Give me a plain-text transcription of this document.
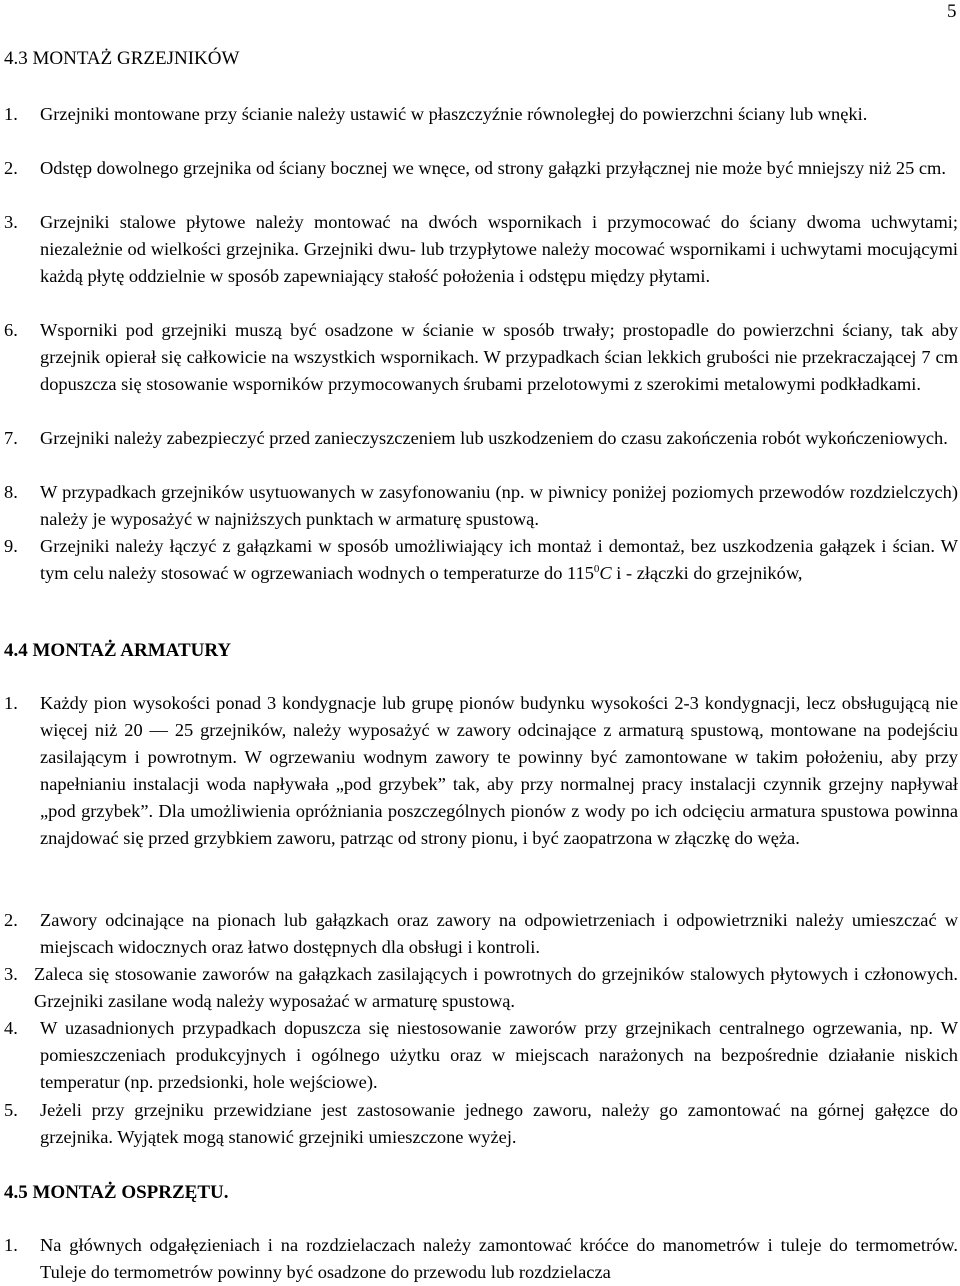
5
4.3 MONTAŻ GRZEJNIKÓW
1. Grzejniki montowane przy ścianie należy ustawić w płaszczyźnie równoległej do powierzchni ściany lub wnęki.
2. Odstęp dowolnego grzejnika od ściany bocznej we wnęce, od strony gałązki przyłącznej nie może być mniejszy niż 25 cm.
3. Grzejniki stalowe płytowe należy montować na dwóch wspornikach i przymocować do ściany dwoma uchwytami; niezależnie od wielkości grzejnika. Grzejniki dwu- lub trzypłytowe należy mocować wspornikami i uchwytami mocującymi każdą płytę oddzielnie w sposób zapewniający stałość położenia i odstępu między płytami.
6. Wsporniki pod grzejniki muszą być osadzone w ścianie w sposób trwały; prostopadle do powierzchni ściany, tak aby grzejnik opierał się całkowicie na wszystkich wspornikach. W przypadkach ścian lekkich grubości nie przekraczającej 7 cm dopuszcza się stosowanie wsporników przymocowanych śrubami przelotowymi z szerokimi metalowymi podkładkami.
7. Grzejniki należy zabezpieczyć przed zanieczyszczeniem lub uszkodzeniem do czasu zakończenia robót wykończeniowych.
8. W przypadkach grzejników usytuowanych w zasyfonowaniu (np. w piwnicy poniżej poziomych przewodów rozdzielczych) należy je wyposażyć w najniższych punktach w armaturę spustową.
9. Grzejniki należy łączyć z gałązkami w sposób umożliwiający ich montaż i demontaż, bez uszkodzenia gałązek i ścian. W tym celu należy stosować w ogrzewaniach wodnych o temperaturze do $115^0C$ i - złączki do grzejników,
4.4 MONTAŻ ARMATURY
1. Każdy pion wysokości ponad 3 kondygnacje lub grupę pionów budynku wysokości 2-3 kondygnacji, lecz obsługującą nie więcej niż 20 — 25 grzejników, należy wyposażyć w zawory odcinające z armaturą spustową, montowane na podejściu zasilającym i powrotnym. W ogrzewaniu wodnym zawory te powinny być zamontowane w takim położeniu, aby przy napełnianiu instalacji woda napływała „pod grzybek” tak, aby przy normalnej pracy instalacji czynnik grzejny napływał „pod grzybek”. Dla umożliwienia opróżniania poszczególnych pionów z wody po ich odcięciu armatura spustowa powinna znajdować się przed grzybkiem zaworu, patrząc od strony pionu, i być zaopatrzona w złączkę do węża.
2. Zawory odcinające na pionach lub gałązkach oraz zawory na odpowietrzeniach i odpowietrzniki należy umieszczać w miejscach widocznych oraz łatwo dostępnych dla obsługi i kontroli.
3. Zaleca się stosowanie zaworów na gałązkach zasilających i powrotnych do grzejników stalowych płytowych i członowych. Grzejniki zasilane wodą należy wyposażać w armaturę spustową.
4. W uzasadnionych przypadkach dopuszcza się niestosowanie zaworów przy grzejnikach centralnego ogrzewania, np. W pomieszczeniach produkcyjnych i ogólnego użytku oraz w miejscach narażonych na bezpośrednie działanie niskich temperatur (np. przedsionki, hole wejściowe).
5. Jeżeli przy grzejniku przewidziane jest zastosowanie jednego zaworu, należy go zamontować na górnej gałęzce do grzejnika. Wyjątek mogą stanowić grzejniki umieszczone wyżej.
4.5 MONTAŻ OSPRZĘTU.
1. Na głównych odgałęzieniach i na rozdzielaczach należy zamontować króćce do manometrów i tuleje do termometrów. Tuleje do termometrów powinny być osadzone do przewodu lub rozdzielacza
